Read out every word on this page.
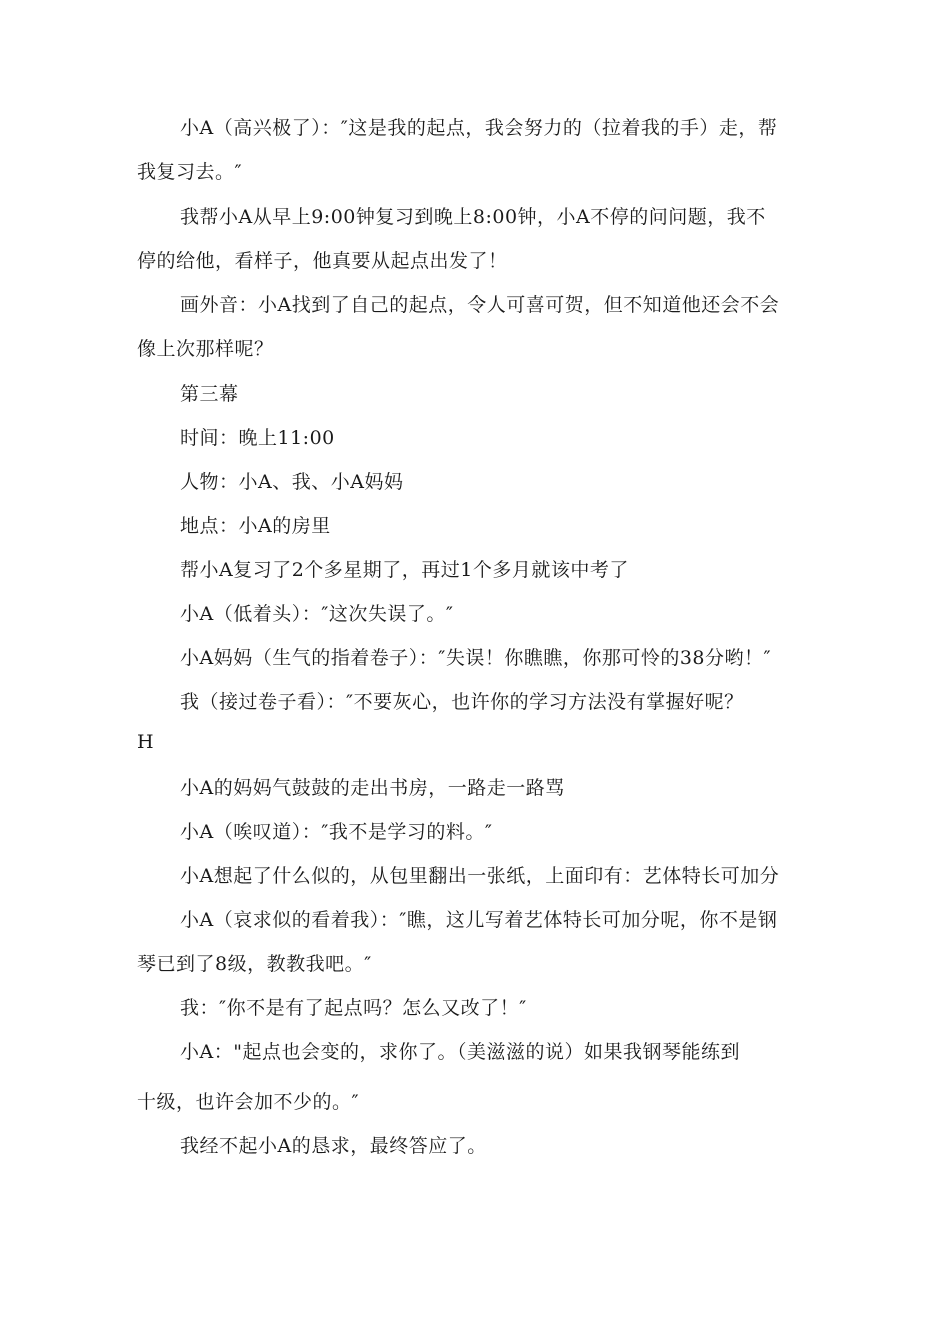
小A（高兴极了）：″这是我的起点，我会努力的（拉着我的手）走，帮
我复习去。″
我帮小A从早上9:00钟复习到晚上8:00钟，小A不停的问问题，我不
停的给他，看样子，他真要从起点出发了！
画外音：小A找到了自己的起点，令人可喜可贺，但不知道他还会不会
像上次那样呢？
第三幕
时间：晚上11:00
人物：小A、我、小A妈妈
地点：小A的房里
帮小A复习了2个多星期了，再过1个多月就该中考了
小A（低着头）：″这次失误了。″
小A妈妈（生气的指着卷子）：″失误！你瞧瞧，你那可怜的38分哟！″
我（接过卷子看）：″不要灰心，也许你的学习方法没有掌握好呢？
H
小A的妈妈气鼓鼓的走出书房，一路走一路骂
小A（唉叹道）：″我不是学习的料。″
小A想起了什么似的，从包里翻出一张纸，上面印有：艺体特长可加分
小A（哀求似的看着我）：″瞧，这儿写着艺体特长可加分呢，你不是钢
琴已到了8级，教教我吧。″
我：″你不是有了起点吗？怎么又改了！″
小A："起点也会变的，求你了。（美滋滋的说）如果我钢琴能练到
十级，也许会加不少的。″
我经不起小A的恳求，最终答应了。
